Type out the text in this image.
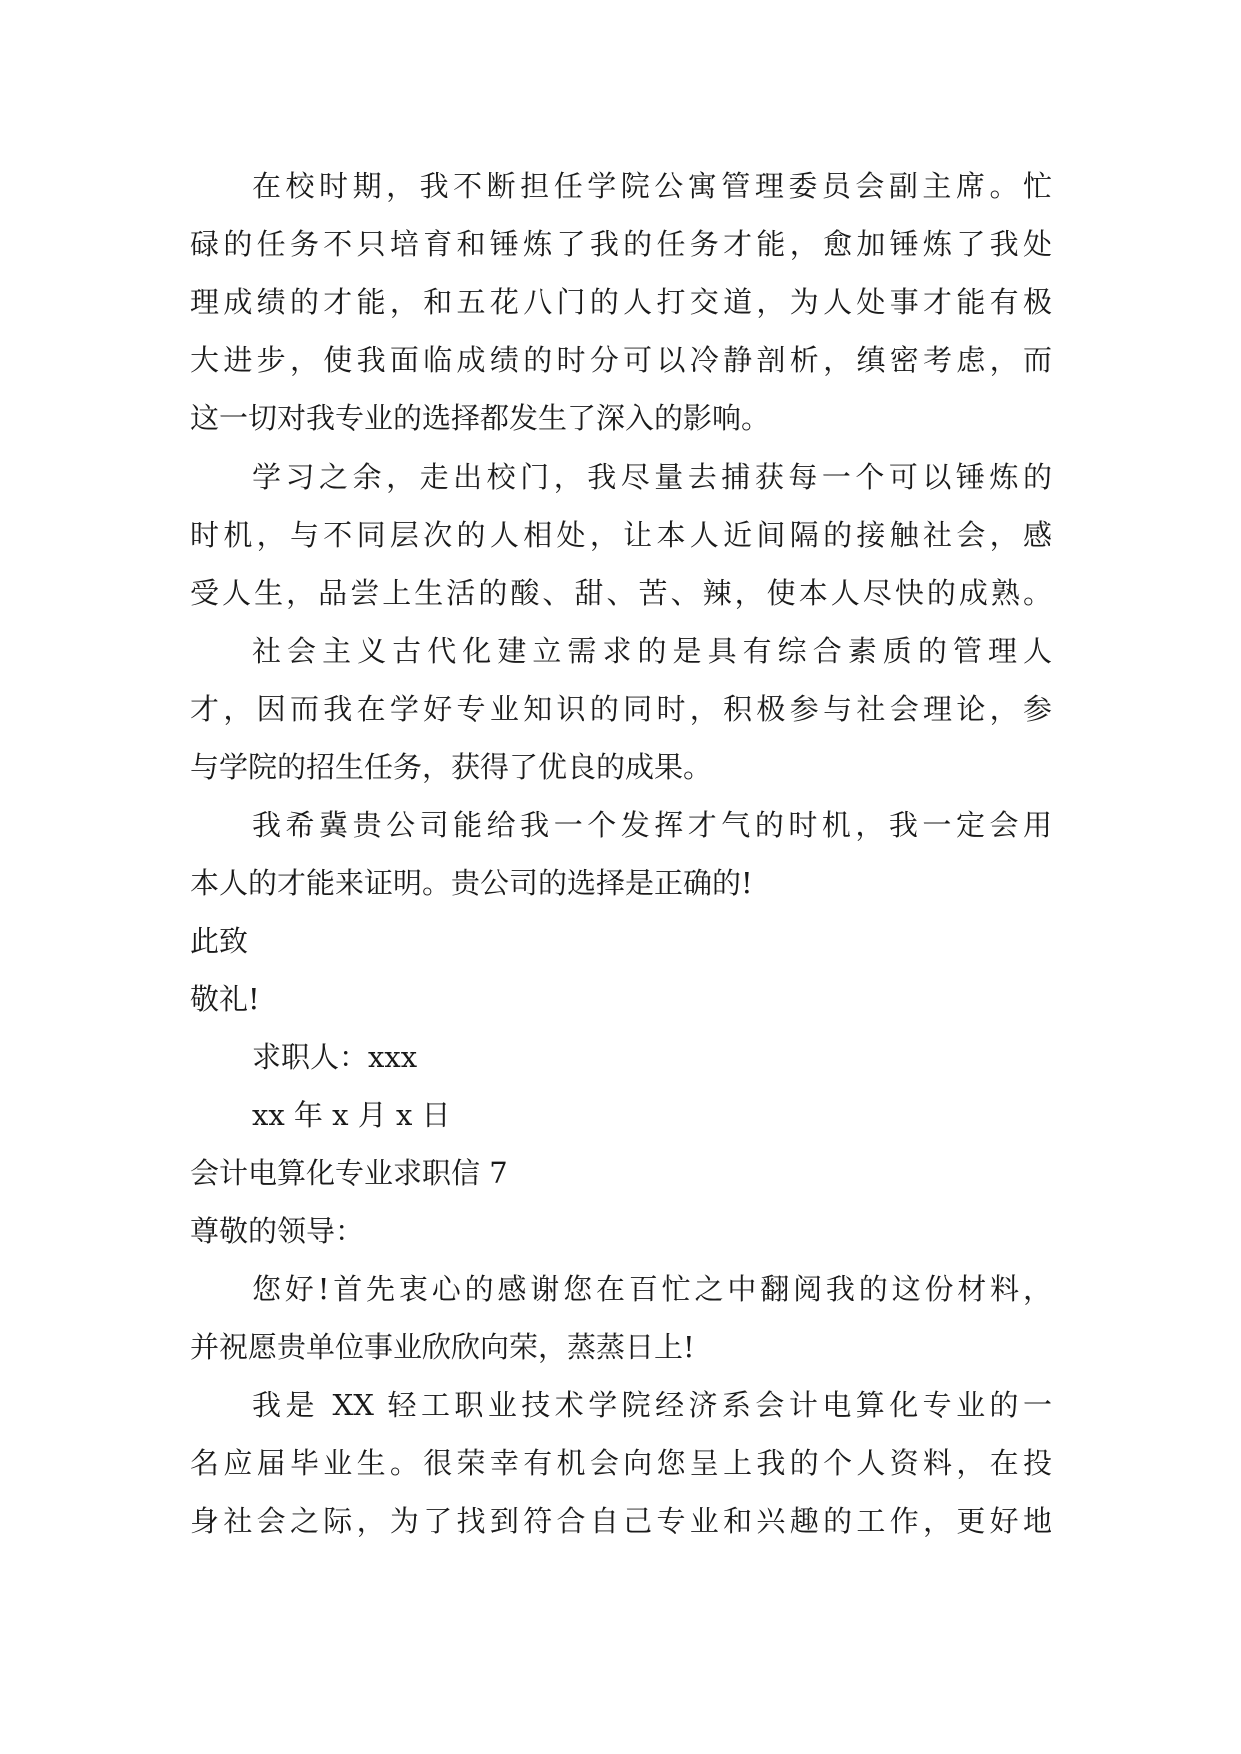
在校时期，我不断担任学院公寓管理委员会副主席。忙
碌的任务不只培育和锤炼了我的任务才能，愈加锤炼了我处
理成绩的才能，和五花八门的人打交道，为人处事才能有极
大进步，使我面临成绩的时分可以冷静剖析，缜密考虑，而
这一切对我专业的选择都发生了深入的影响。
学习之余，走出校门，我尽量去捕获每一个可以锤炼的
时机，与不同层次的人相处，让本人近间隔的接触社会，感
受人生，品尝上生活的酸、甜、苦、辣，使本人尽快的成熟。
社会主义古代化建立需求的是具有综合素质的管理人
才，因而我在学好专业知识的同时，积极参与社会理论，参
与学院的招生任务，获得了优良的成果。
我希冀贵公司能给我一个发挥才气的时机，我一定会用
本人的才能来证明。贵公司的选择是正确的!
此致
敬礼!
求职人：xxx
xx 年 x 月 x 日
会计电算化专业求职信 7
尊敬的领导：
您好!首先衷心的感谢您在百忙之中翻阅我的这份材料，
并祝愿贵单位事业欣欣向荣，蒸蒸日上!
我是 XX 轻工职业技术学院经济系会计电算化专业的一
名应届毕业生。很荣幸有机会向您呈上我的个人资料，在投
身社会之际，为了找到符合自己专业和兴趣的工作，更好地
